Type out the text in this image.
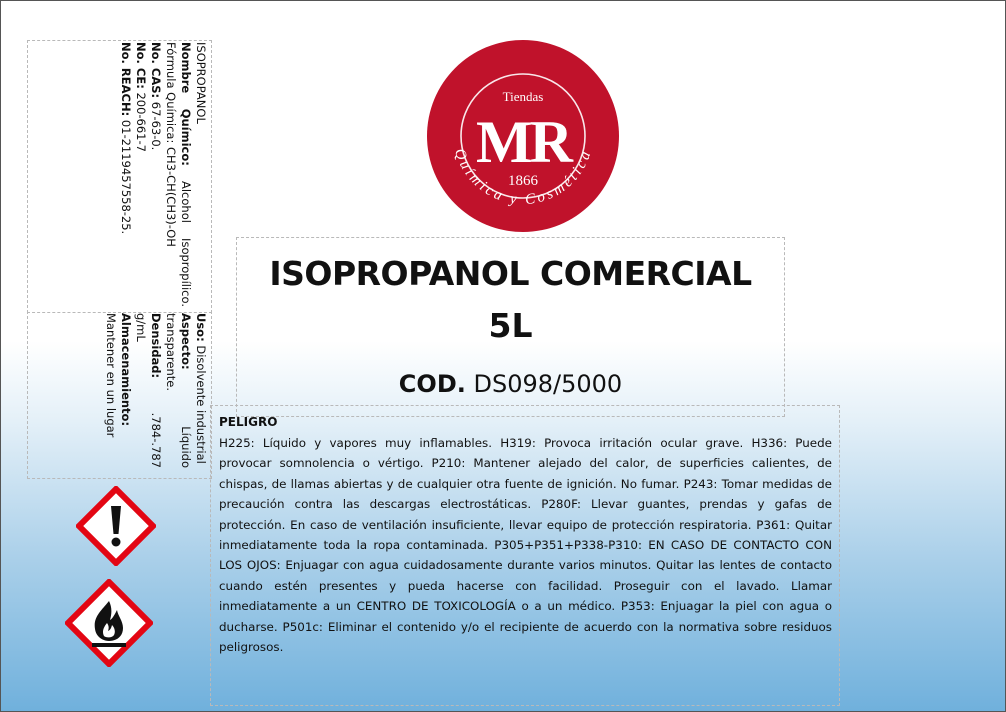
ISOPROPANOL

Nombre Químico: Alcohol Isopropílico.

Fórmula Química: CH3-CH(CH3)-OH

No. CAS: 67-63-0.

No. CE: 200-661-7

No. REACH: 01-2119457558-25.

Uso: Disolvente industrial

Aspecto: Líquido transparente.

Densidad: .784-.787 g/mL

Almacenamiento: Mantener en un lugar

Tiendas
MR
1866
Química y Cosmética
ISOPROPANOL COMERCIAL
5L
COD. DS098/5000
PELIGRO
H225: Líquido y vapores muy inflamables. H319: Provoca irritación ocular grave. H336: Puede provocar somnolencia o vértigo. P210: Mantener alejado del calor, de superficies calientes, de chispas, de llamas abiertas y de cualquier otra fuente de ignición. No fumar. P243: Tomar medidas de precaución contra las descargas electrostáticas. P280F: Llevar guantes, prendas y gafas de protección. En caso de ventilación insuficiente, llevar equipo de protección respiratoria. P361: Quitar inmediatamente toda la ropa contaminada. P305+P351+P338-P310: EN CASO DE CONTACTO CON LOS OJOS: Enjuagar con agua cuidadosamente durante varios minutos. Quitar las lentes de contacto cuando estén presentes y pueda hacerse con facilidad. Proseguir con el lavado. Llamar inmediatamente a un CENTRO DE TOXICOLOGÍA o a un médico. P353: Enjuagar la piel con agua o ducharse. P501c: Eliminar el contenido y/o el recipiente de acuerdo con la normativa sobre residuos peligrosos.
